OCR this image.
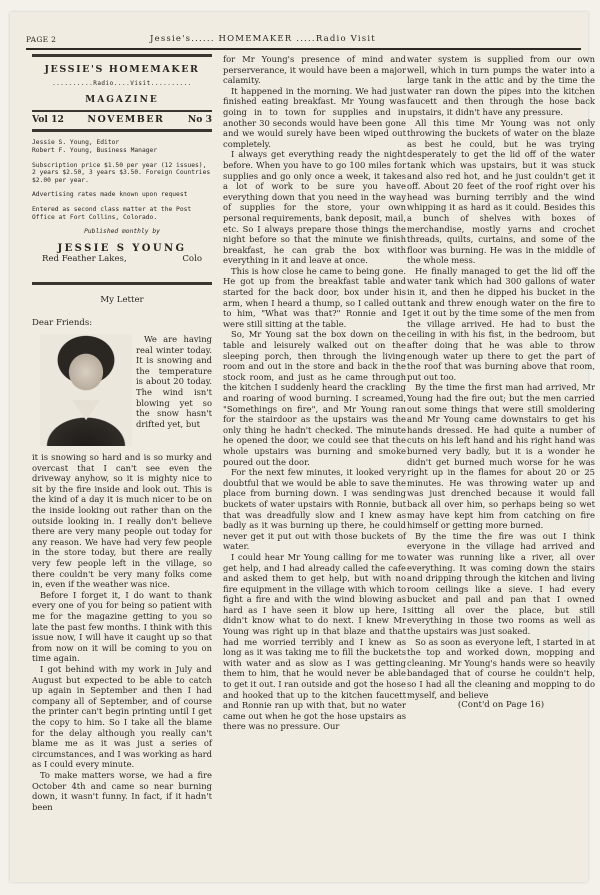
PAGE 2	Jessie's...... HOMEMAKER .....Radio Visit
JESSIE'S HOMEMAKER
..........Radio....Visit..........
MAGAZINE
Vol 12 NOVEMBER	No 3

Jessie S. Young, Editor

Robert F. Young, Business Manager

Subscription price $1.50 per year (12 issues), 2 years $2.50, 3 years $3.50. Foreign Countries $2.00 per year.

Advertising rates made known upon request

Entered as second class matter at the Post Office at Fort Collins, Colorado.

Published monthly by
JESSIE S YOUNG
Red Feather Lakes,	Colo
My Letter
Dear Friends:

We are having real winter today. It is snowing and the temperature is about 20 today. The wind isn't blowing yet so the snow hasn't drifted yet, but

it is snowing so hard and is so murky and overcast that I can't see even the driveway anyhow, so it is mighty nice to sit by the fire inside and look out. This is the kind of a day it is much nicer to be on the inside looking out rather than on the outside looking in. I really don't believe there are very many people out today for any reason. We have had very few people in the store today, but there are really very few people left in the village, so there couldn't be very many folks come in, even if the weather was nice.

Before I forget it, I do want to thank every one of you for being so patient with me for the magazine getting to you so late the past few months. I think with this issue now, I will have it caught up so that from now on it will be coming to you on time again.

I got behind with my work in July and August but expected to be able to catch up again in September and then I had company all of September, and of course the printer can't begin printing until I get the copy to him. So I take all the blame for the delay although you really can't blame me as it was just a series of circumstances, and I was working as hard as I could every minute.

To make matters worse, we had a fire October 4th and came so near burning down, it wasn't funny. In fact, if it hadn't been

for Mr Young's presence of mind and perserverance, it would have been a major calamity.

It happened in the morning. We had just finished eating breakfast. Mr Young was going in to town for supplies and in another 30 seconds would have been gone and we would surely have been wiped out completely.

I always get everything ready the night before. When you have to go 100 miles for supplies and go only once a week, it takes a lot of work to be sure you have everything down that you need in the way of supplies for the store, your own personal requirements, bank deposit, mail, etc. So I always prepare those things the night before so that the minute we finish breakfast, he can grab the box with everything in it and leave at once.

This is how close he came to being gone. He got up from the breakfast table and started for the back door, box under his arm, when I heard a thump, so I called out to him, "What was that?" Ronnie and I were still sitting at the table.

So, Mr Young sat the box down on the table and leisurely walked out on the sleeping porch, then through the living room and out in the store and back in the stock room, and just as he came through the kitchen I suddenly heard the crackling and roaring of wood burning. I screamed, "Somethings on fire", and Mr Young ran for the stairdoor as the upstairs was the only thing he hadn't checked. The minute he opened the door, we could see that the whole upstairs was burning and smoke poured out the door.

For the next few minutes, it looked very doubtful that we would be able to save the place from burning down. I was sending buckets of water upstairs with Ronnie, but that was dreadfully slow and I knew as badly as it was burning up there, he could never get it put out with those buckets of water.

I could hear Mr Young calling for me to get help, and I had already called the cafe and asked them to get help, but with no fire equipment in the village with which to fight a fire and with the wind blowing as hard as I have seen it blow up here, I didn't know what to do next. I knew Mr Young was right up in that blaze and that had me worried terribly and I knew as long as it was taking me to fill the buckets with water and as slow as I was getting them to him, that he would never be able to get it out. I ran outside and got the hose and hooked that up to the kitchen faucett and Ronnie ran up with that, but no water came out when he got the hose upstairs as there was no pressure. Our

water system is supplied from our own well, which in turn pumps the water into a large tank in the attic and by the time the water ran down the pipes into the kitchen faucett and then through the hose back upstairs, it didn't have any pressure.

All this time Mr Young was not only throwing the buckets of water on the blaze as best he could, but he was trying desperately to get the lid off of the water tank which was upstairs, but it was stuck and also red hot, and he just couldn't get it off. About 20 feet of the roof right over his head was burning terribly and the wind whipping it as hard as it could. Besides this a bunch of shelves with boxes of merchandise, mostly yarns and crochet threads, quilts, curtains, and some of the floor was burning. He was in the middle of the whole mess.

He finally managed to get the lid off the water tank which had 300 gallons of water in it, and then he dipped his bucket in the tank and threw enough water on the fire to get it out by the time some of the men from the village arrived. He had to bust the ceiling in with his fist, in the bedroom, but after doing that he was able to throw enough water up there to get the part of the roof that was burning above that room, put out too.

By the time the first man had arrived, Mr Young had the fire out; but the men carried out some things that were still smoldering and Mr Young came downstairs to get his hands dressed. He had quite a number of cuts on his left hand and his right hand was burned very badly, but it is a wonder he didn't get burned much worse for he was right up in the flames for about 20 or 25 minutes. He was throwing water up and was just drenched because it would fall back all over him, so perhaps being so wet may have kept him from catching on fire himself or getting more burned.

By the time the fire was out I think everyone in the village had arrived and water was running like a river, all over everything. It was coming down the stairs and dripping through the kitchen and living room ceilings like a sieve. I had every bucket and pail and pan that I owned sitting all over the place, but still everything in those two rooms as well as the upstairs was just soaked.

So as soon as everyone left, I started in at the top and worked down, mopping and cleaning. Mr Young's hands were so heavily bandaged that of course he couldn't help, so I had all the cleaning and mopping to do myself, and believe

(Cont'd on Page 16)
